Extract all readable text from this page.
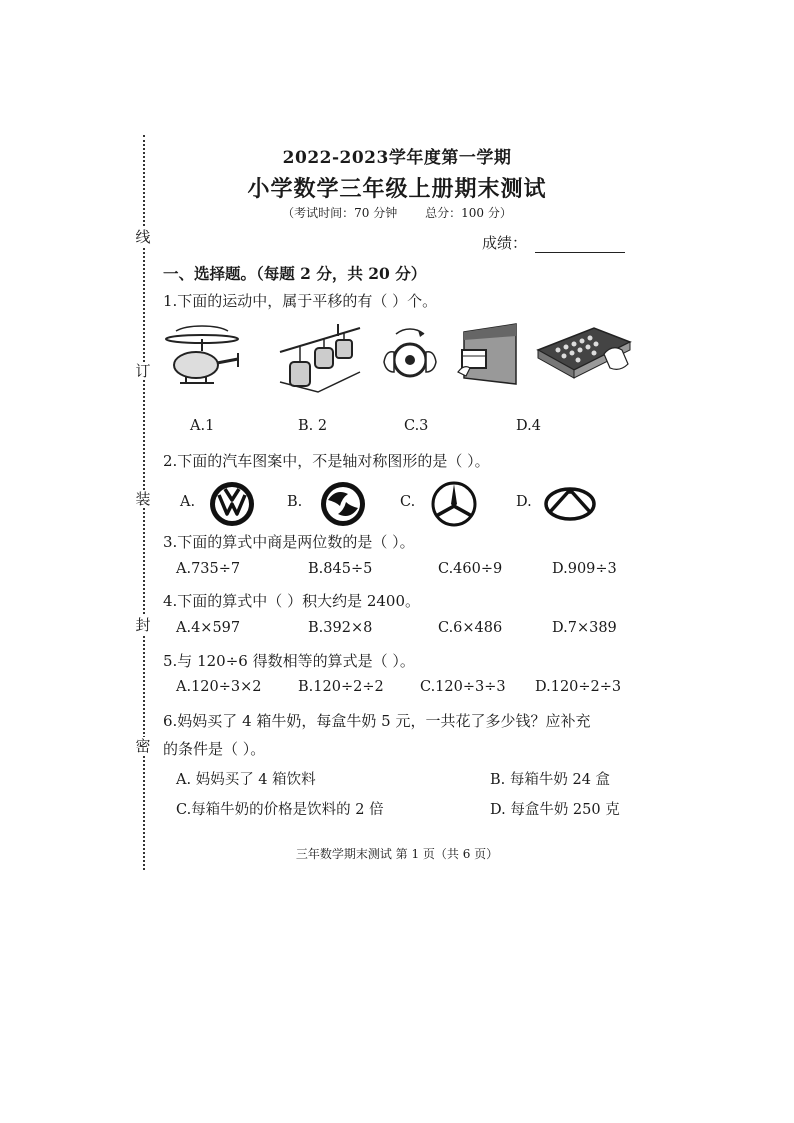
线
订
装
封
密
2022-2023学年度第一学期
小学数学三年级上册期末测试
（考试时间：70 分钟 总分：100 分）
成绩：
一、选择题。（每题 2 分，共 20 分）
1.下面的运动中，属于平移的有（ ）个。
A.1	B. 2	C.3	D.4
2.下面的汽车图案中，不是轴对称图形的是（ ）。
A.	B.	C.	D.
3.下面的算式中商是两位数的是（ ）。
A.735÷7	B.845÷5	C.460÷9	D.909÷3
4.下面的算式中（ ）积大约是 2400。
A.4×597	B.392×8	C.6×486	D.7×389
5.与 120÷6 得数相等的算式是（ ）。
A.120÷3×2	B.120÷2÷2	C.120÷3÷3 D.120÷2÷3
6.妈妈买了 4 箱牛奶，每盒牛奶 5 元，一共花了多少钱？应补充
的条件是（ ）。
A. 妈妈买了 4 箱饮料	B. 每箱牛奶 24 盒
C.每箱牛奶的价格是饮料的 2 倍	D. 每盒牛奶 250 克
三年数学期末测试 第 1 页（共 6 页）
